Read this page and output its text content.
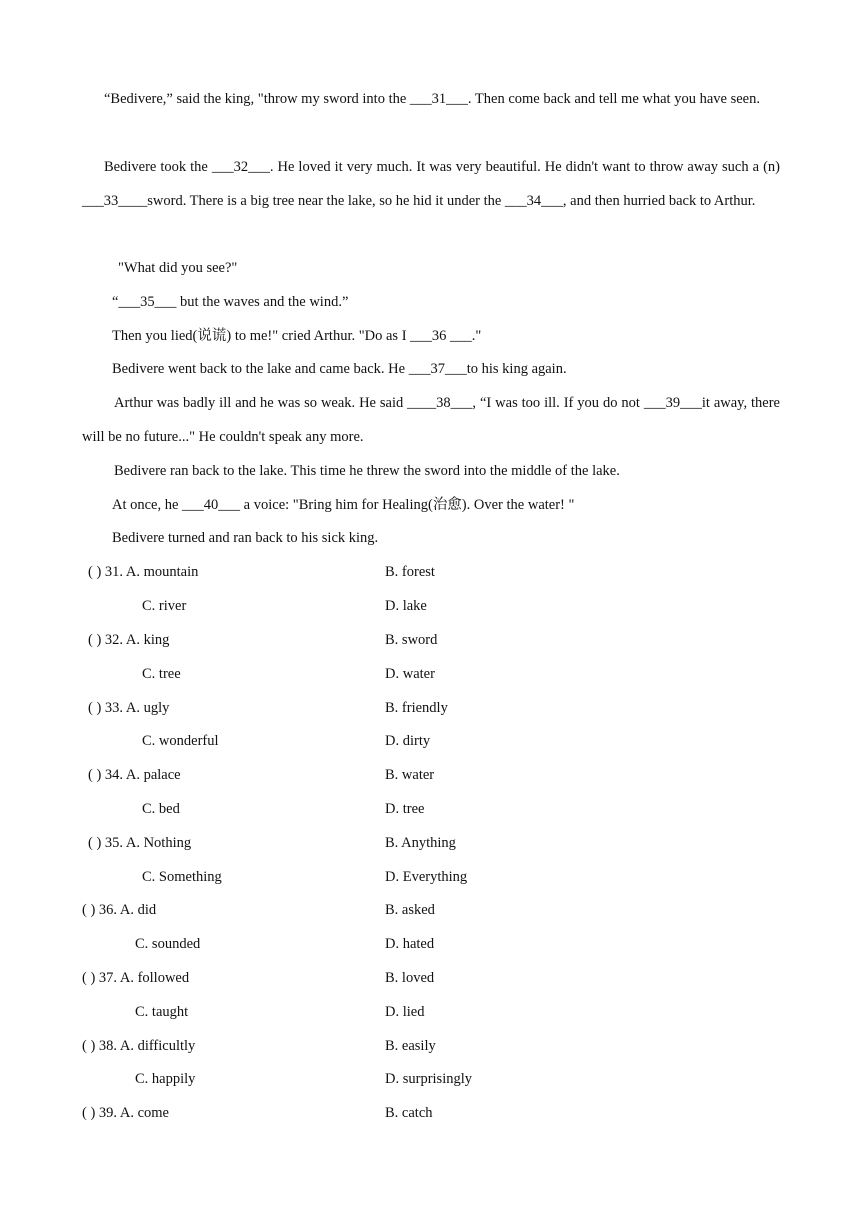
“Bedivere,” said the king, "throw my sword into the ___31___. Then come back and tell me what you have seen.

Bedivere took the ___32___. He loved it very much. It was very beautiful. He didn't want to throw away such a (n) ___33____sword. There is a big tree near the lake, so he hid it under the ___34___, and then hurried back to Arthur.

"What did you see?"
“___35___ but the waves and the wind.”
Then you lied(说谎) to me!" cried Arthur. "Do as I ___36 ___."
Bedivere went back to the lake and came back. He ___37___to his king again.

Arthur was badly ill and he was so weak. He said ____38___, “I was too ill. If you do not ___39___it away, there will be no future..." He couldn't speak any more.

Bedivere ran back to the lake. This time he threw the sword into the middle of the lake.
At once, he ___40___ a voice: "Bring him for Healing(治愈). Over the water! "
Bedivere turned and ran back to his sick king.
( ) 31. A. mountain	B. forest
C. river	D. lake
( ) 32. A. king	B. sword
C. tree	D. water
( ) 33. A. ugly	B. friendly
C. wonderful	D. dirty
( ) 34. A. palace	B. water
C. bed	D. tree
( ) 35. A. Nothing	B. Anything
C. Something	D. Everything
( ) 36. A. did	B. asked
C. sounded	D. hated
( ) 37. A. followed	B. loved
C. taught	D. lied
( ) 38. A. difficultly	B. easily
C. happily	D. surprisingly
( ) 39. A. come	B. catch
